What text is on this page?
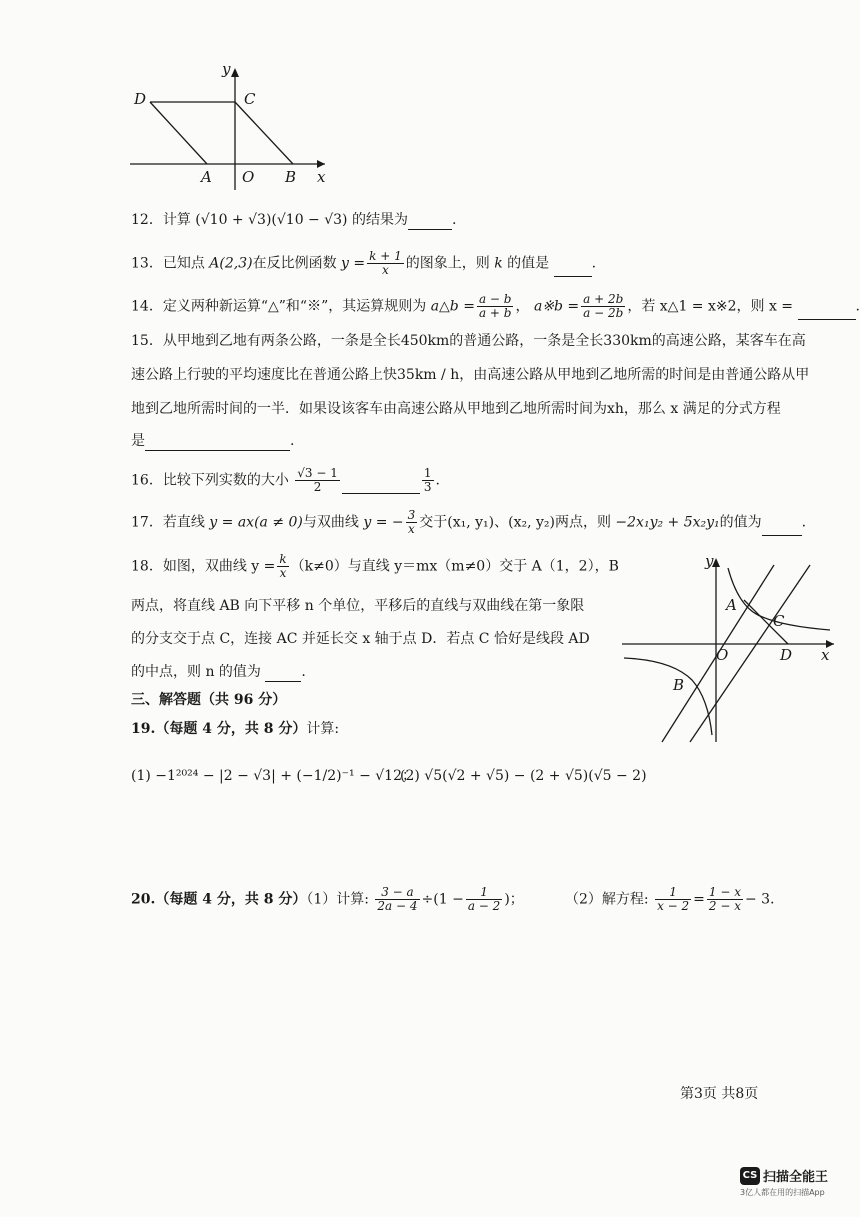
y
D	C
A O B x
12．计算 (√10 + √3)(√10 − √3) 的结果为	.
13．已知点 A(2,3)在反比例函数 $y = \frac{k + 1}{x}$ 的图象上，则 k 的值是	.
14．定义两种新运算“△”和“※”，其运算规则为 a△b = $\frac{a - b}{a + b}$ ， a※b = $\frac{a + 2b}{a - 2b}$ ，若 x△1 = x※2，则 x =	.
15．从甲地到乙地有两条公路，一条是全长450km的普通公路，一条是全长330km的高速公路，某客车在高
速公路上行驶的平均速度比在普通公路上快35km / h，由高速公路从甲地到乙地所需的时间是由普通公路从甲
地到乙地所需时间的一半．如果设该客车由高速公路从甲地到乙地所需时间为xh，那么 x 满足的分式方程
是	.
16．比较下列实数的大小 $\frac{√3 - 1}{2}$	$\frac{1}{3}$ .
17．若直线 y = ax(a ≠ 0)与双曲线 y = − $\frac{3}{x}$ 交于(x₁, y₁)、(x₂, y₂)两点，则 −2x₁y₂ + 5x₂y₁的值为	.
18．如图，双曲线 $y = \frac{k}{x} (k\ne 0)$与直线 y＝mx（m≠0）交于 A（1，2），B
两点，将直线 AB 向下平移 n 个单位，平移后的直线与双曲线在第一象限
的分支交于点 C，连接 AC 并延长交 x 轴于点 D．若点 C 恰好是线段 AD
的中点，则 n 的值为	.
y
A
C
O	D x
B
三、解答题（共 96 分）
19.（每题 4 分，共 8 分）计算:
(1) −1²⁰²⁴ − |2 − √3| + (−1/2)⁻¹ − √12；
(2) √5(√2 + √5) − (2 + √5)(√5 − 2)
20.（每题 4 分，共 8 分）（1）计算: $\frac{3 - a}{2a - 4} \div(1 - \frac{1}{a - 2}$ )；	（2）解方程: $\frac{1}{x - 2} = \frac{1 - x}{2 - x} - 3$．
第3页 共8页
CS 扫描全能王
3亿人都在用的扫描App
